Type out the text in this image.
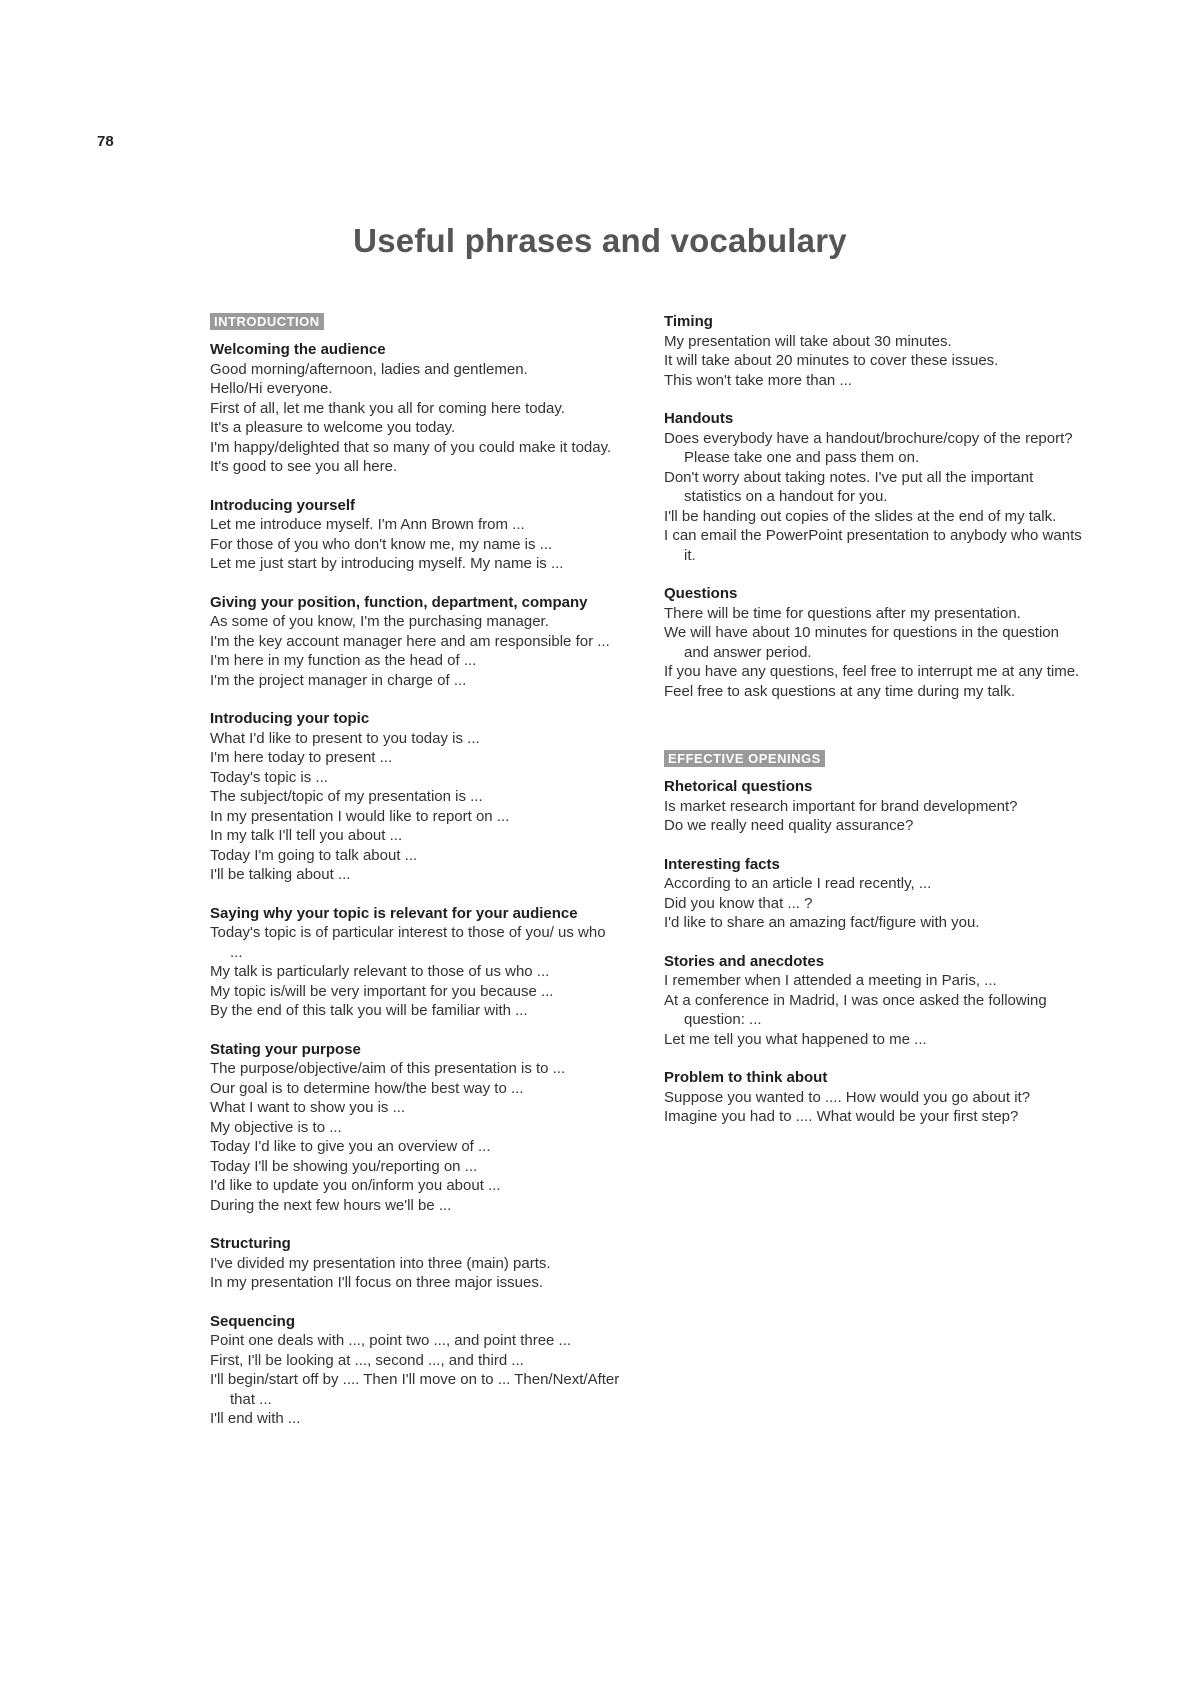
78
Useful phrases and vocabulary
INTRODUCTION

Welcoming the audience

Good morning/afternoon, ladies and gentlemen.

Hello/Hi everyone.

First of all, let me thank you all for coming here today.

It's a pleasure to welcome you today.

I'm happy/delighted that so many of you could make it today.

It's good to see you all here.

Introducing yourself

Let me introduce myself. I'm Ann Brown from ...

For those of you who don't know me, my name is ...

Let me just start by introducing myself. My name is ...

Giving your position, function, department, company

As some of you know, I'm the purchasing manager.

I'm the key account manager here and am responsible for ...

I'm here in my function as the head of ...

I'm the project manager in charge of ...

Introducing your topic

What I'd like to present to you today is ...

I'm here today to present ...

Today's topic is ...

The subject/topic of my presentation is ...

In my presentation I would like to report on ...

In my talk I'll tell you about ...

Today I'm going to talk about ...

I'll be talking about ...

Saying why your topic is relevant for your audience

Today's topic is of particular interest to those of you/ us who ...

My talk is particularly relevant to those of us who ...

My topic is/will be very important for you because ...

By the end of this talk you will be familiar with ...

Stating your purpose

The purpose/objective/aim of this presentation is to ...

Our goal is to determine how/the best way to ...

What I want to show you is ...

My objective is to ...

Today I'd like to give you an overview of ...

Today I'll be showing you/reporting on ...

I'd like to update you on/inform you about ...

During the next few hours we'll be ...

Structuring

I've divided my presentation into three (main) parts.

In my presentation I'll focus on three major issues.

Sequencing

Point one deals with ..., point two ..., and point three ...

First, I'll be looking at ..., second ..., and third ...

I'll begin/start off by .... Then I'll move on to ... Then/Next/After that ...

I'll end with ...

Timing

My presentation will take about 30 minutes.

It will take about 20 minutes to cover these issues.

This won't take more than ...

Handouts

Does everybody have a handout/brochure/copy of the report? Please take one and pass them on.

Don't worry about taking notes. I've put all the important statistics on a handout for you.

I'll be handing out copies of the slides at the end of my talk.

I can email the PowerPoint presentation to anybody who wants it.

Questions

There will be time for questions after my presentation.

We will have about 10 minutes for questions in the question and answer period.

If you have any questions, feel free to interrupt me at any time.

Feel free to ask questions at any time during my talk.

EFFECTIVE OPENINGS

Rhetorical questions

Is market research important for brand development?

Do we really need quality assurance?

Interesting facts

According to an article I read recently, ...

Did you know that ... ?

I'd like to share an amazing fact/figure with you.

Stories and anecdotes

I remember when I attended a meeting in Paris, ...

At a conference in Madrid, I was once asked the following question: ...

Let me tell you what happened to me ...

Problem to think about

Suppose you wanted to .... How would you go about it?

Imagine you had to .... What would be your first step?
